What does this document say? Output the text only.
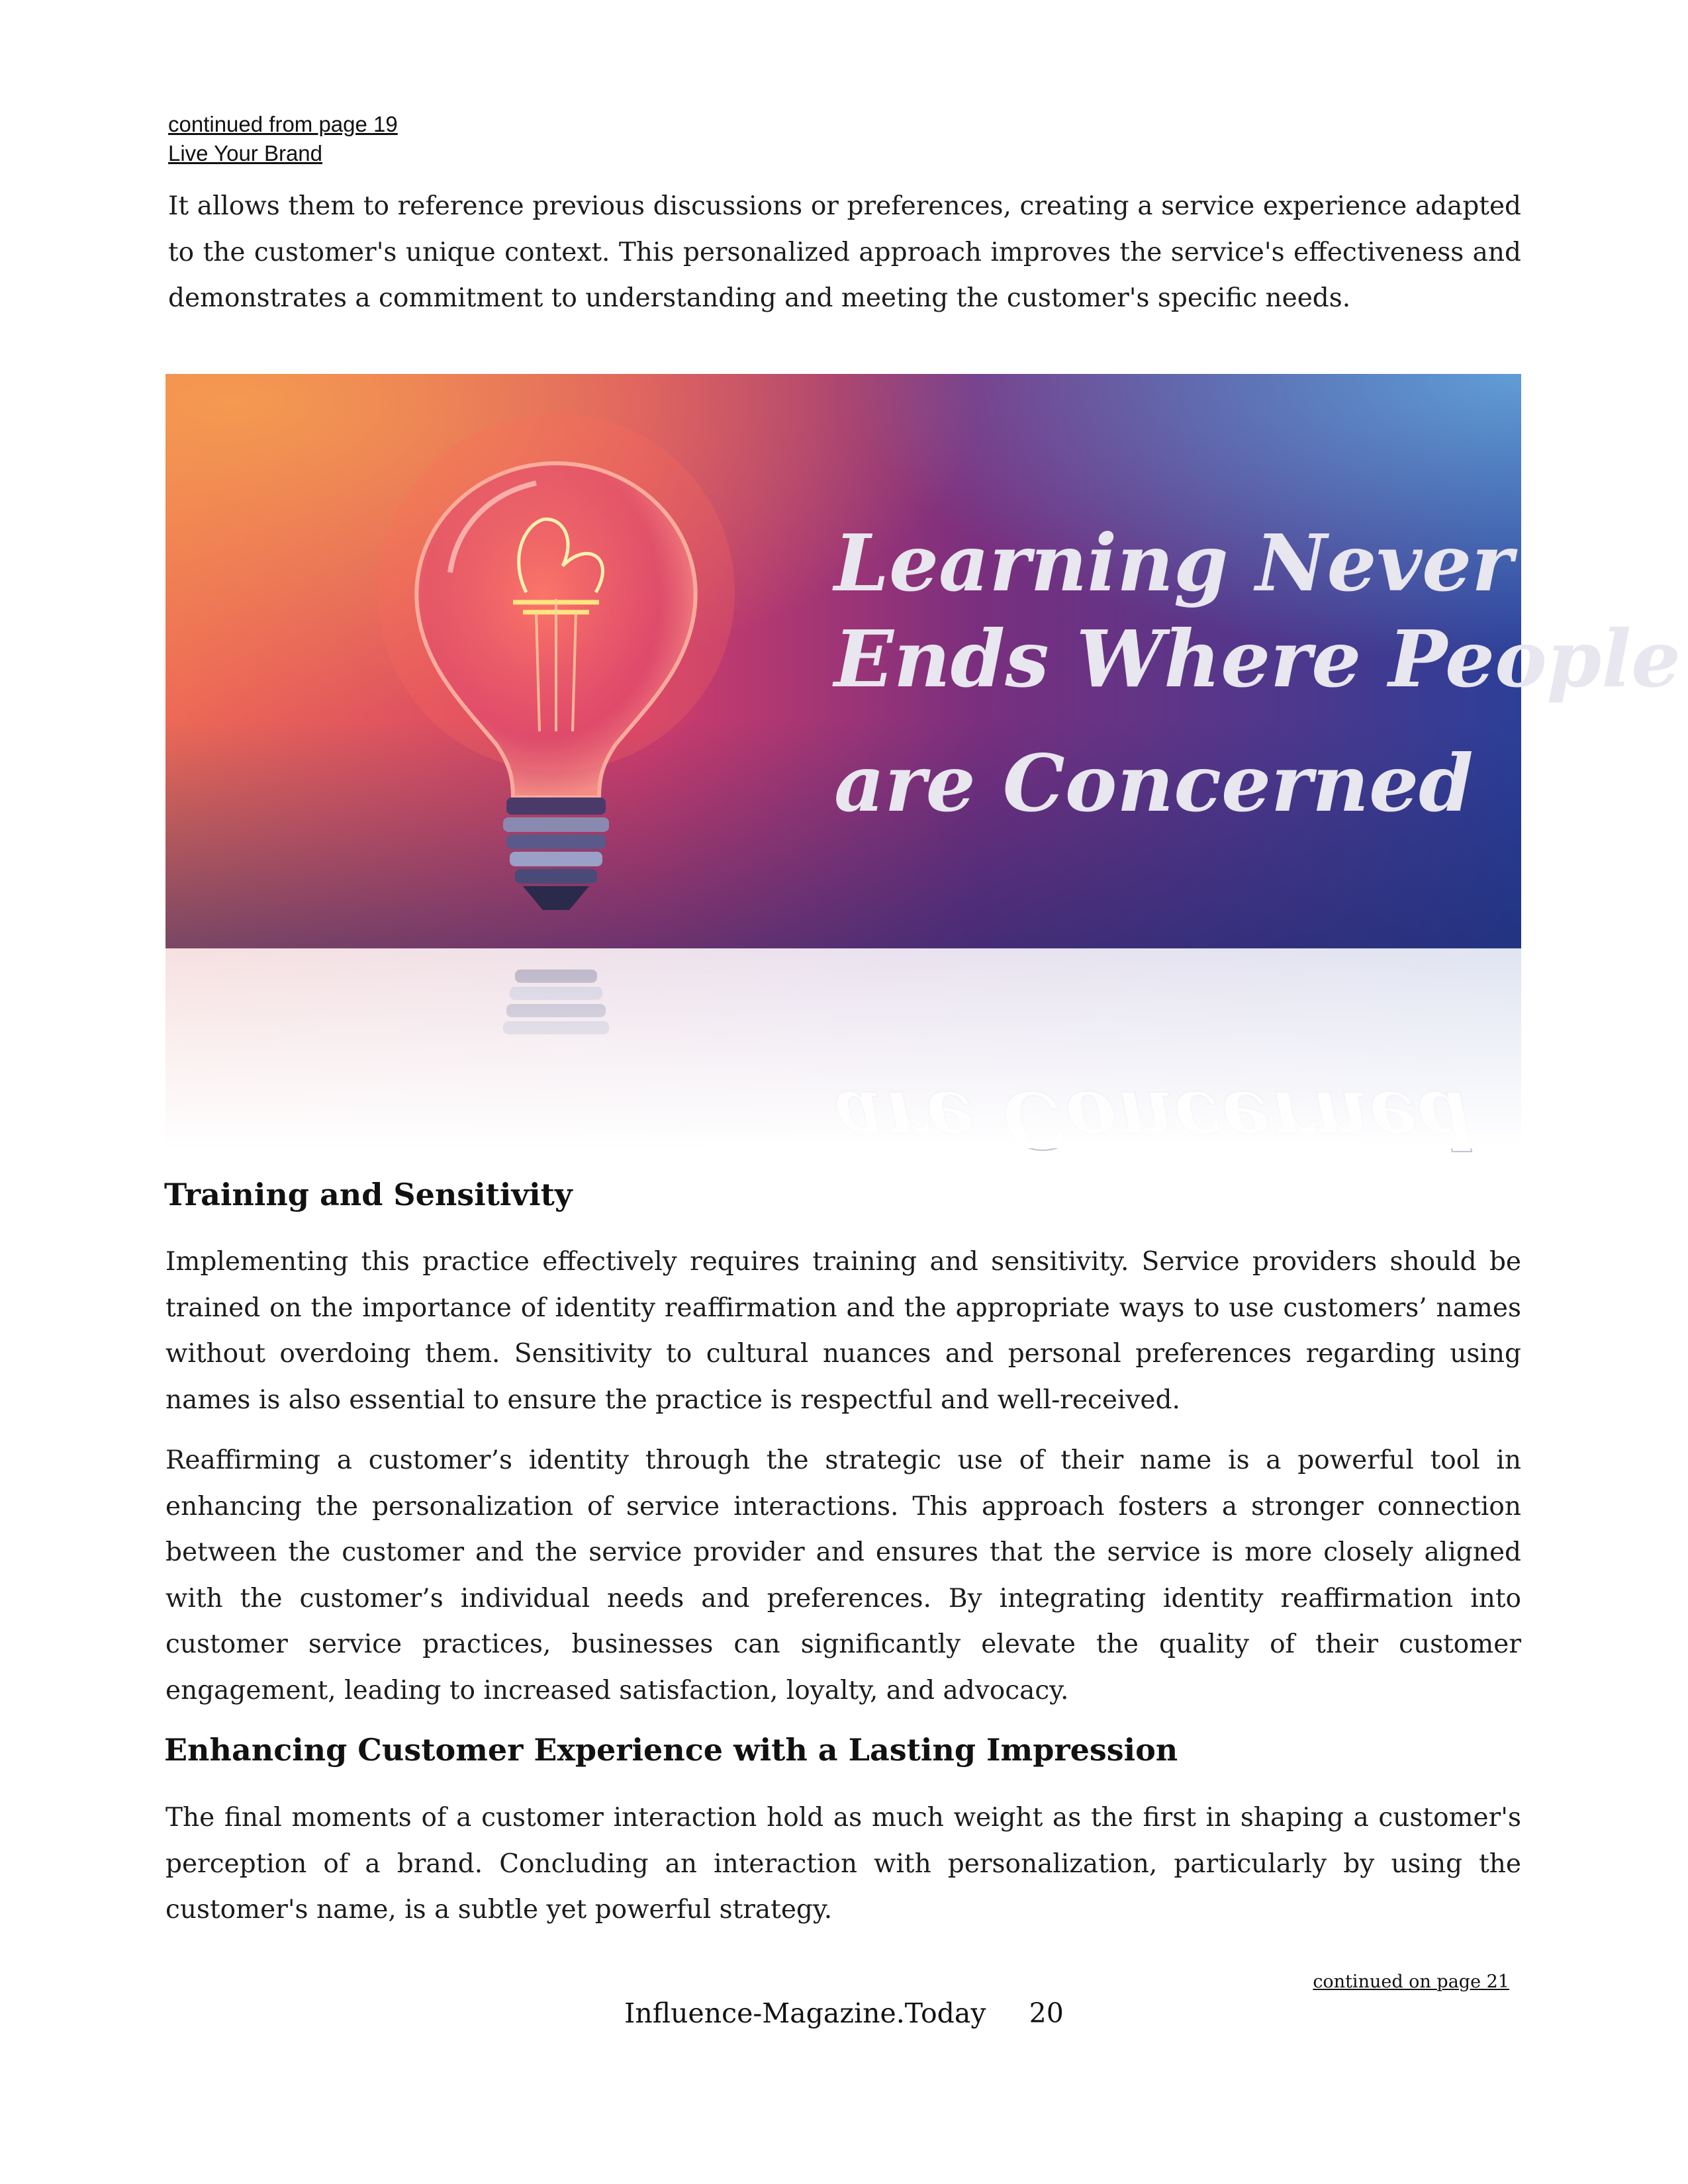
continued from page 19
Live Your Brand

It allows them to reference previous discussions or preferences, creating a service experience adapted to the customer's unique context. This personalized approach improves the service's effectiveness and demonstrates a commitment to understanding and meeting the customer's specific needs.

Learning Never
Ends Where People
are Concerned
Training and Sensitivity

Implementing this practice effectively requires training and sensitivity. Service providers should be trained on the importance of identity reaffirmation and the appropriate ways to use customers’ names without overdoing them. Sensitivity to cultural nuances and personal preferences regarding using names is also essential to ensure the practice is respectful and well-received.

Reaffirming a customer’s identity through the strategic use of their name is a powerful tool in enhancing the personalization of service interactions. This approach fosters a stronger connection between the customer and the service provider and ensures that the service is more closely aligned with the customer’s individual needs and preferences. By integrating identity reaffirmation into customer service practices, businesses can significantly elevate the quality of their customer engagement, leading to increased satisfaction, loyalty, and advocacy.

Enhancing Customer Experience with a Lasting Impression

The final moments of a customer interaction hold as much weight as the first in shaping a customer's perception of a brand. Concluding an interaction with personalization, particularly by using the customer's name, is a subtle yet powerful strategy.

continued on page 21
Influence-Magazine.Today 20
